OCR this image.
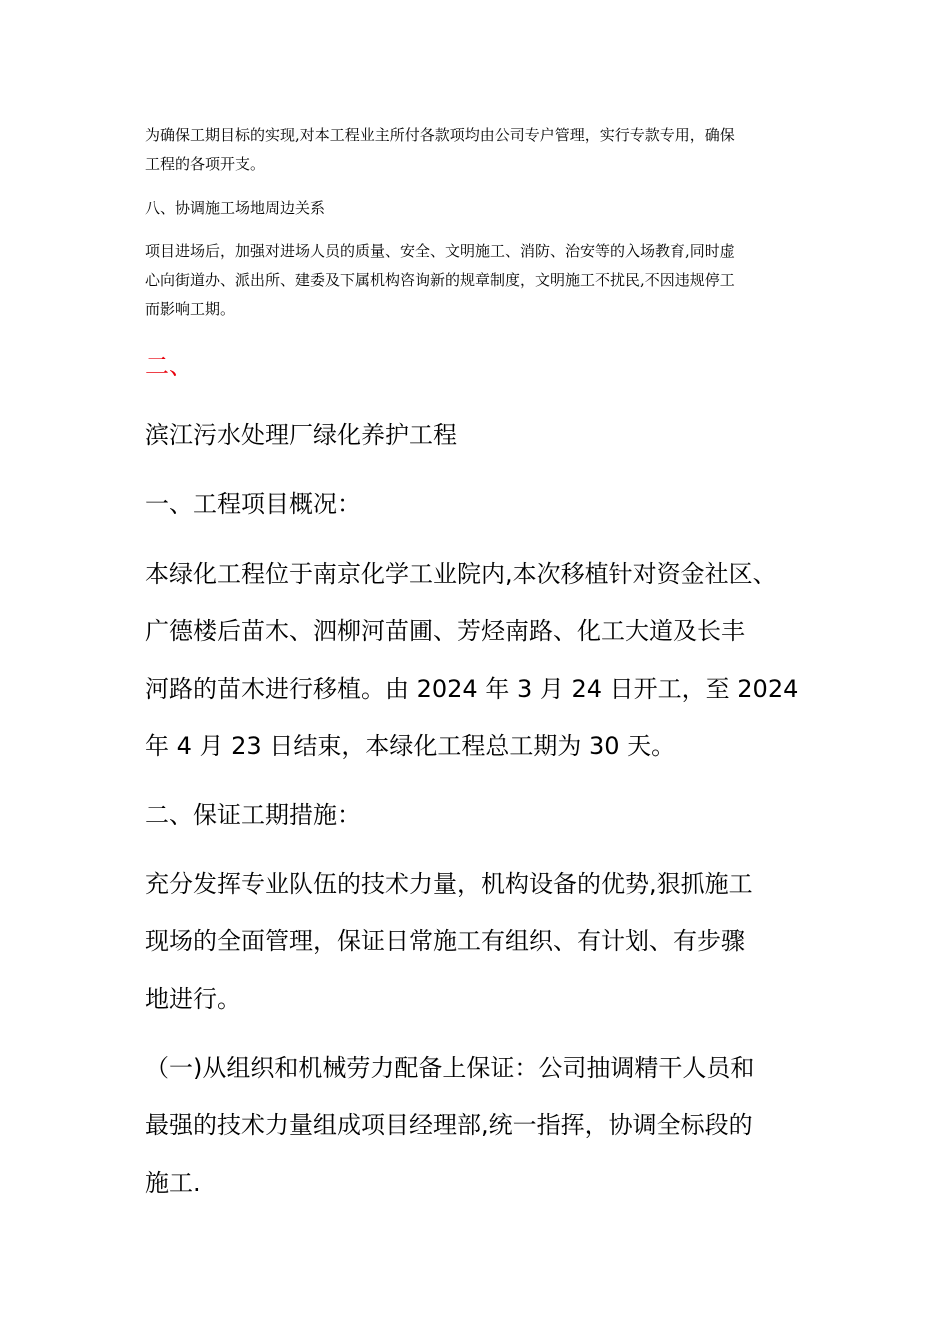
为确保工期目标的实现,对本工程业主所付各款项均由公司专户管理，实行专款专用，确保
工程的各项开支。

八、协调施工场地周边关系

项目进场后，加强对进场人员的质量、安全、文明施工、消防、治安等的入场教育,同时虚
心向街道办、派出所、建委及下属机构咨询新的规章制度，文明施工不扰民,不因违规停工
而影响工期。

二、

滨江污水处理厂绿化养护工程

一、工程项目概况：

本绿化工程位于南京化学工业院内,本次移植针对资金社区、
广德楼后苗木、泗柳河苗圃、芳烃南路、化工大道及长丰
河路的苗木进行移植。由 2024 年 3 月 24 日开工，至 2024
年 4 月 23 日结束，本绿化工程总工期为 30 天。

二、保证工期措施：

充分发挥专业队伍的技术力量，机构设备的优势,狠抓施工
现场的全面管理，保证日常施工有组织、有计划、有步骤
地进行。

（一)从组织和机械劳力配备上保证：公司抽调精干人员和
最强的技术力量组成项目经理部,统一指挥，协调全标段的
施工.
